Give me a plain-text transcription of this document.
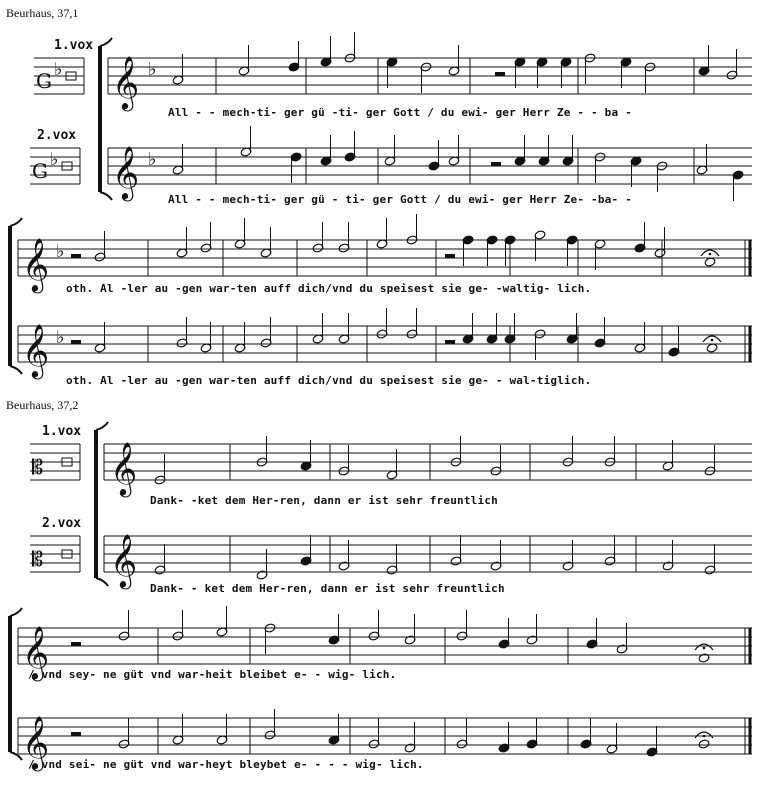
Beurhaus, 37,1
Beurhaus, 37,2
1.vox
2.vox
1.vox
2.vox
G ♭
G ♭
𝄞 ♭
𝄞 ♭
𝄞 ♭
𝄞 ♭
𝄡
𝄡
𝄞
𝄞
𝄞
𝄞
All - - mech-ti- ger gü -ti- ger Gott / du ewi- ger Herr Ze - - ba -
All - - mech-ti- ger gü - ti- ger Gott / du ewi- ger Herr Ze- -ba- -
oth. Al -ler au -gen war-ten auff dich/vnd du speisest sie ge- -waltig- lich.
oth. Al -ler au -gen war-ten auff dich/vnd du speisest sie ge- - wal-tiglich.
Dank- -ket dem Her-ren, dann er ist sehr freuntlich
Dank- - ket dem Her-ren, dann er ist sehr freuntlich
/ vnd sey- ne güt vnd war-heit bleibet e- - wig- lich.
/ vnd sei- ne güt vnd war-heyt bleybet e- - - - wig- lich.
